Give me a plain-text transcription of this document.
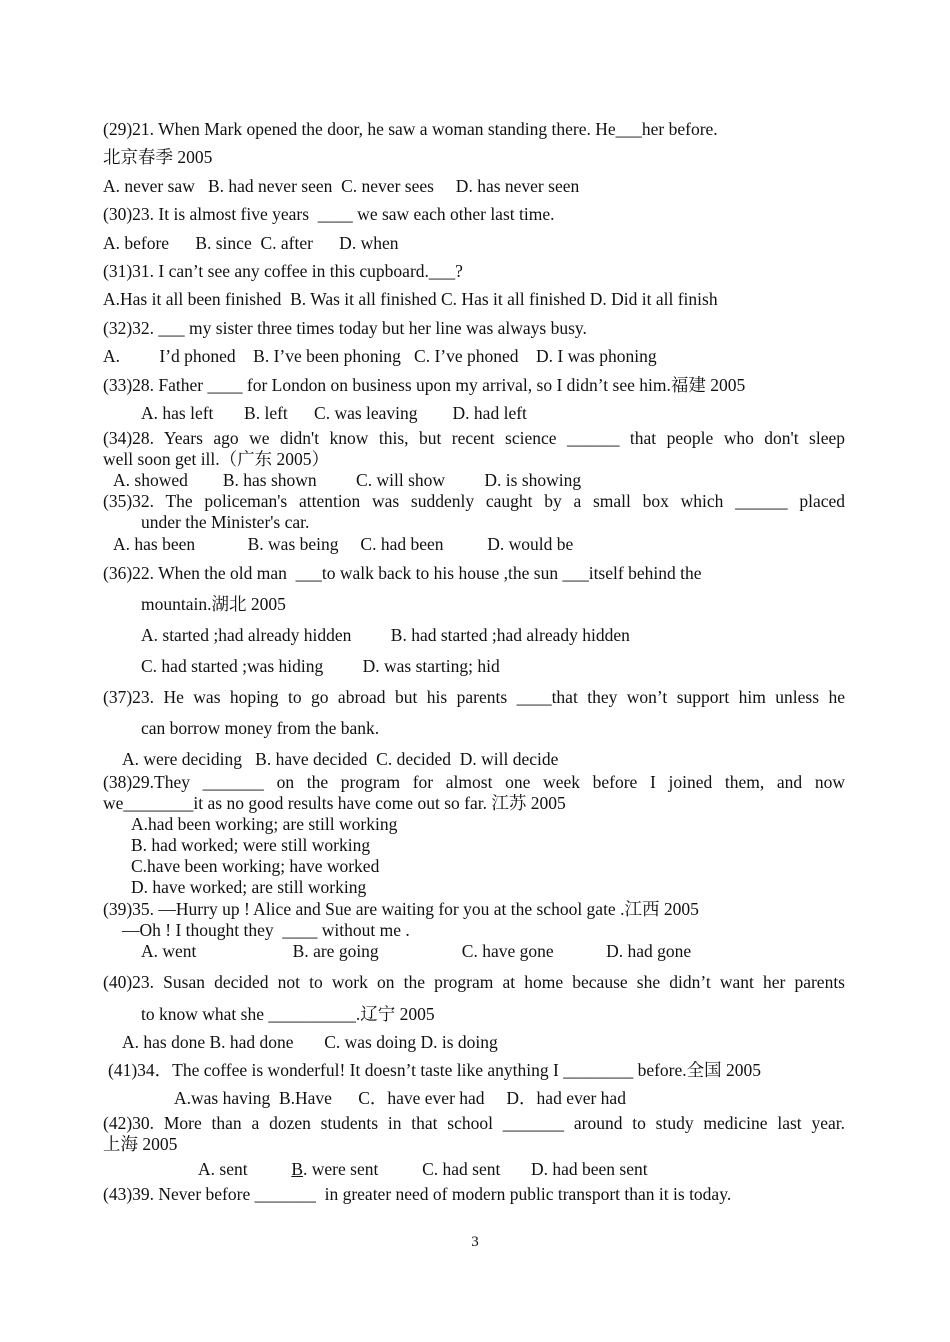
(29)21. When Mark opened the door, he saw a woman standing there. He___her before.

北京春季 2005

A. never saw   B. had never seen  C. never sees     D. has never seen

(30)23. It is almost five years  ____ we saw each other last time.

A. before      B. since  C. after      D. when

(31)31. I can’t see any coffee in this cupboard.___?

A.Has it all been finished  B. Was it all finished C. Has it all finished D. Did it all finish

(32)32. ___ my sister three times today but her line was always busy.

A.         I’d phoned    B. I’ve been phoning   C. I’ve phoned    D. I was phoning

(33)28. Father ____ for London on business upon my arrival, so I didn’t see him.福建 2005

A. has left       B. left      C. was leaving        D. had left

(34)28. Years ago we didn't know this, but recent science ______ that people who don't sleep

well soon get ill.（广东 2005）

A. showed        B. has shown         C. will show         D. is showing

(35)32. The policeman's attention was suddenly caught by a small box which ______ placed

under the Minister's car.

A. has been            B. was being     C. had been          D. would be

(36)22. When the old man  ___to walk back to his house ,the sun ___itself behind the

mountain.湖北 2005

A. started ;had already hidden         B. had started ;had already hidden

C. had started ;was hiding         D. was starting; hid

(37)23. He was hoping to go abroad but his parents ____that they won’t support him unless he

can borrow money from the bank.

A. were deciding   B. have decided  C. decided  D. will decide

(38)29.They _______ on the program for almost one week before I joined them, and now

we________it as no good results have come out so far. 江苏 2005

A.had been working; are still working

B. had worked; were still working

C.have been working; have worked

D. have worked; are still working

(39)35. —Hurry up ! Alice and Sue are waiting for you at the school gate .江西 2005

—Oh ! I thought they  ____ without me .

A. went                      B. are going                   C. have gone            D. had gone

(40)23. Susan decided not to work on the program at home because she didn’t want her parents

to know what she __________.辽宁 2005

A. has done B. had done       C. was doing D. is doing

(41)34．The coffee is wonderful! It doesn’t taste like anything I ________ before.全国 2005

A.was having  B.Have      C．have ever had     D．had ever had

(42)30. More than a dozen students in that school _______ around to study medicine last year.

上海 2005

A. sent          B. were sent          C. had sent       D. had been sent

(43)39. Never before _______  in greater need of modern public transport than it is today.

3
